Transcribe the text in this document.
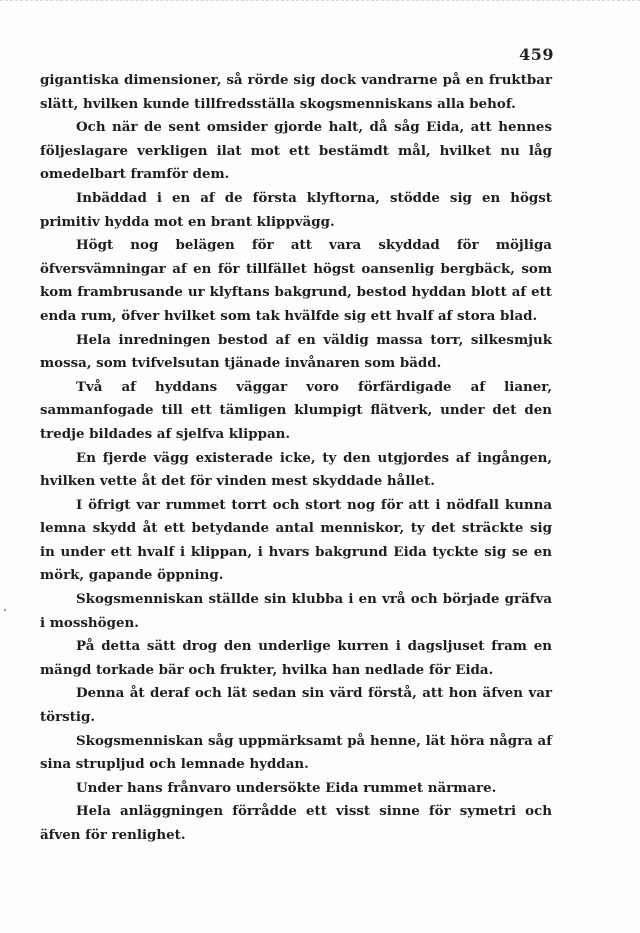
459

gigantiska dimensioner, så rörde sig dock vandrarne på en fruktbar slätt, hvilken kunde tillfredsställa skogsmenniskans alla behof.

Och när de sent omsider gjorde halt, då såg Eida, att hennes följeslagare verkligen ilat mot ett bestämdt mål, hvilket nu låg omedelbart framför dem.

Inbäddad i en af de första klyftorna, stödde sig en högst primitiv hydda mot en brant klippvägg.

Högt nog belägen för att vara skyddad för möjliga öfversvämningar af en för tillfället högst oansenlig bergbäck, som kom frambrusande ur klyftans bakgrund, bestod hyddan blott af ett enda rum, öfver hvilket som tak hvälfde sig ett hvalf af stora blad.

Hela inredningen bestod af en väldig massa torr, silkesmjuk mossa, som tvifvelsutan tjänade invånaren som bädd.

Två af hyddans väggar voro förfärdigade af lianer, sammanfogade till ett tämligen klumpigt flätverk, under det den tredje bildades af sjelfva klippan.

En fjerde vägg existerade icke, ty den utgjordes af ingången, hvilken vette åt det för vinden mest skyddade hållet.

I öfrigt var rummet torrt och stort nog för att i nödfall kunna lemna skydd åt ett betydande antal menniskor, ty det sträckte sig in under ett hvalf i klippan, i hvars bakgrund Eida tyckte sig se en mörk, gapande öppning.

Skogsmenniskan ställde sin klubba i en vrå och började gräfva i mosshögen.

På detta sätt drog den underlige kurren i dagsljuset fram en mängd torkade bär och frukter, hvilka han nedlade för Eida.

Denna åt deraf och lät sedan sin värd förstå, att hon äfven var törstig.

Skogsmenniskan såg uppmärksamt på henne, lät höra några af sina strupljud och lemnade hyddan.

Under hans frånvaro undersökte Eida rummet närmare.

Hela anläggningen förrådde ett visst sinne för symetri och äfven för renlighet.
